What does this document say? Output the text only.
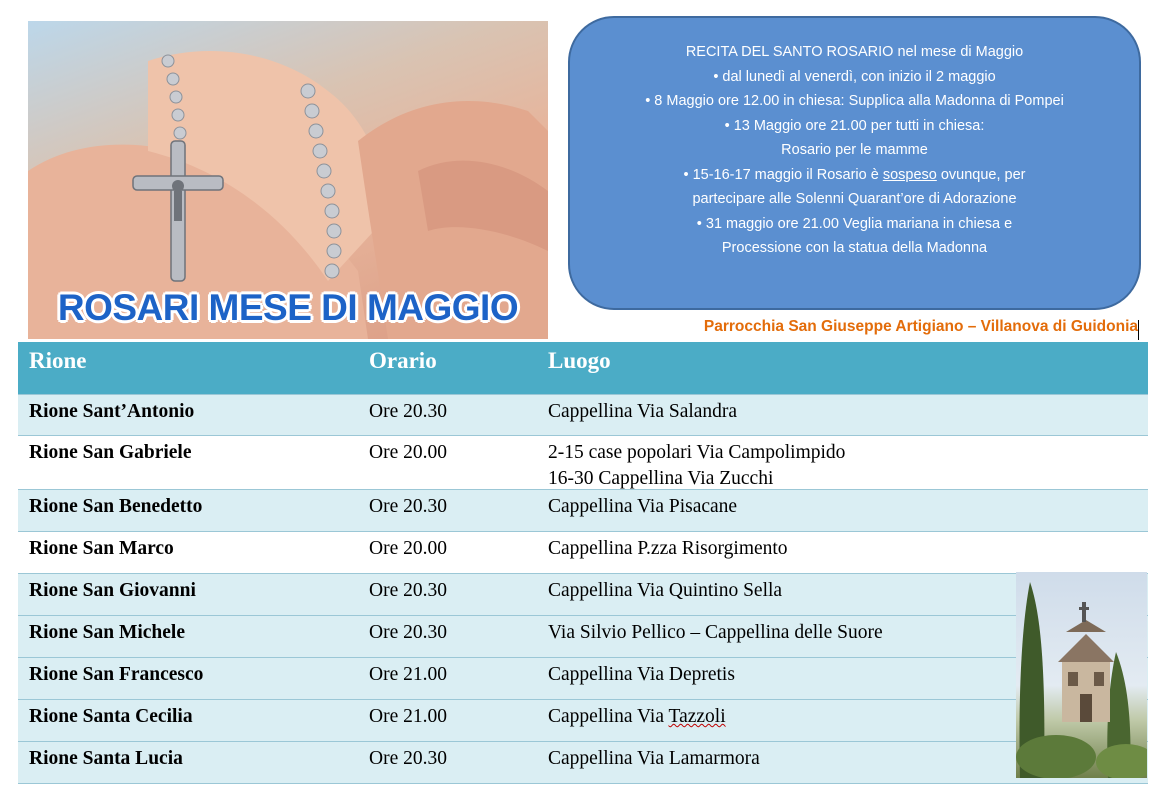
ROSARI MESE DI MAGGIO
RECITA DEL SANTO ROSARIO nel mese di Maggio
• dal lunedì al venerdì, con inizio il 2 maggio
• 8 Maggio ore 12.00 in chiesa: Supplica alla Madonna di Pompei
• 13 Maggio ore 21.00 per tutti in chiesa:
Rosario per le mamme
• 15-16-17 maggio il Rosario è sospeso ovunque, per
partecipare alle Solenni Quarant’ore di Adorazione
• 31 maggio ore 21.00 Veglia mariana in chiesa e
Processione con la statua della Madonna
Parrocchia San Giuseppe Artigiano – Villanova di Guidonia
Rione	Orario	Luogo
Rione Sant’Antonio	Ore 20.30	Cappellina Via Salandra
Rione San Gabriele	Ore 20.00	2-15 case popolari Via Campolimpido
16-30 Cappellina Via Zucchi
Rione San Benedetto	Ore 20.30	Cappellina Via Pisacane
Rione San Marco	Ore 20.00	Cappellina P.zza Risorgimento
Rione San Giovanni	Ore 20.30	Cappellina Via Quintino Sella
Rione San Michele	Ore 20.30	Via Silvio Pellico – Cappellina delle Suore
Rione San Francesco	Ore 21.00	Cappellina Via Depretis
Rione Santa Cecilia	Ore 21.00	Cappellina Via Tazzoli
Rione Santa Lucia	Ore 20.30	Cappellina Via Lamarmora
